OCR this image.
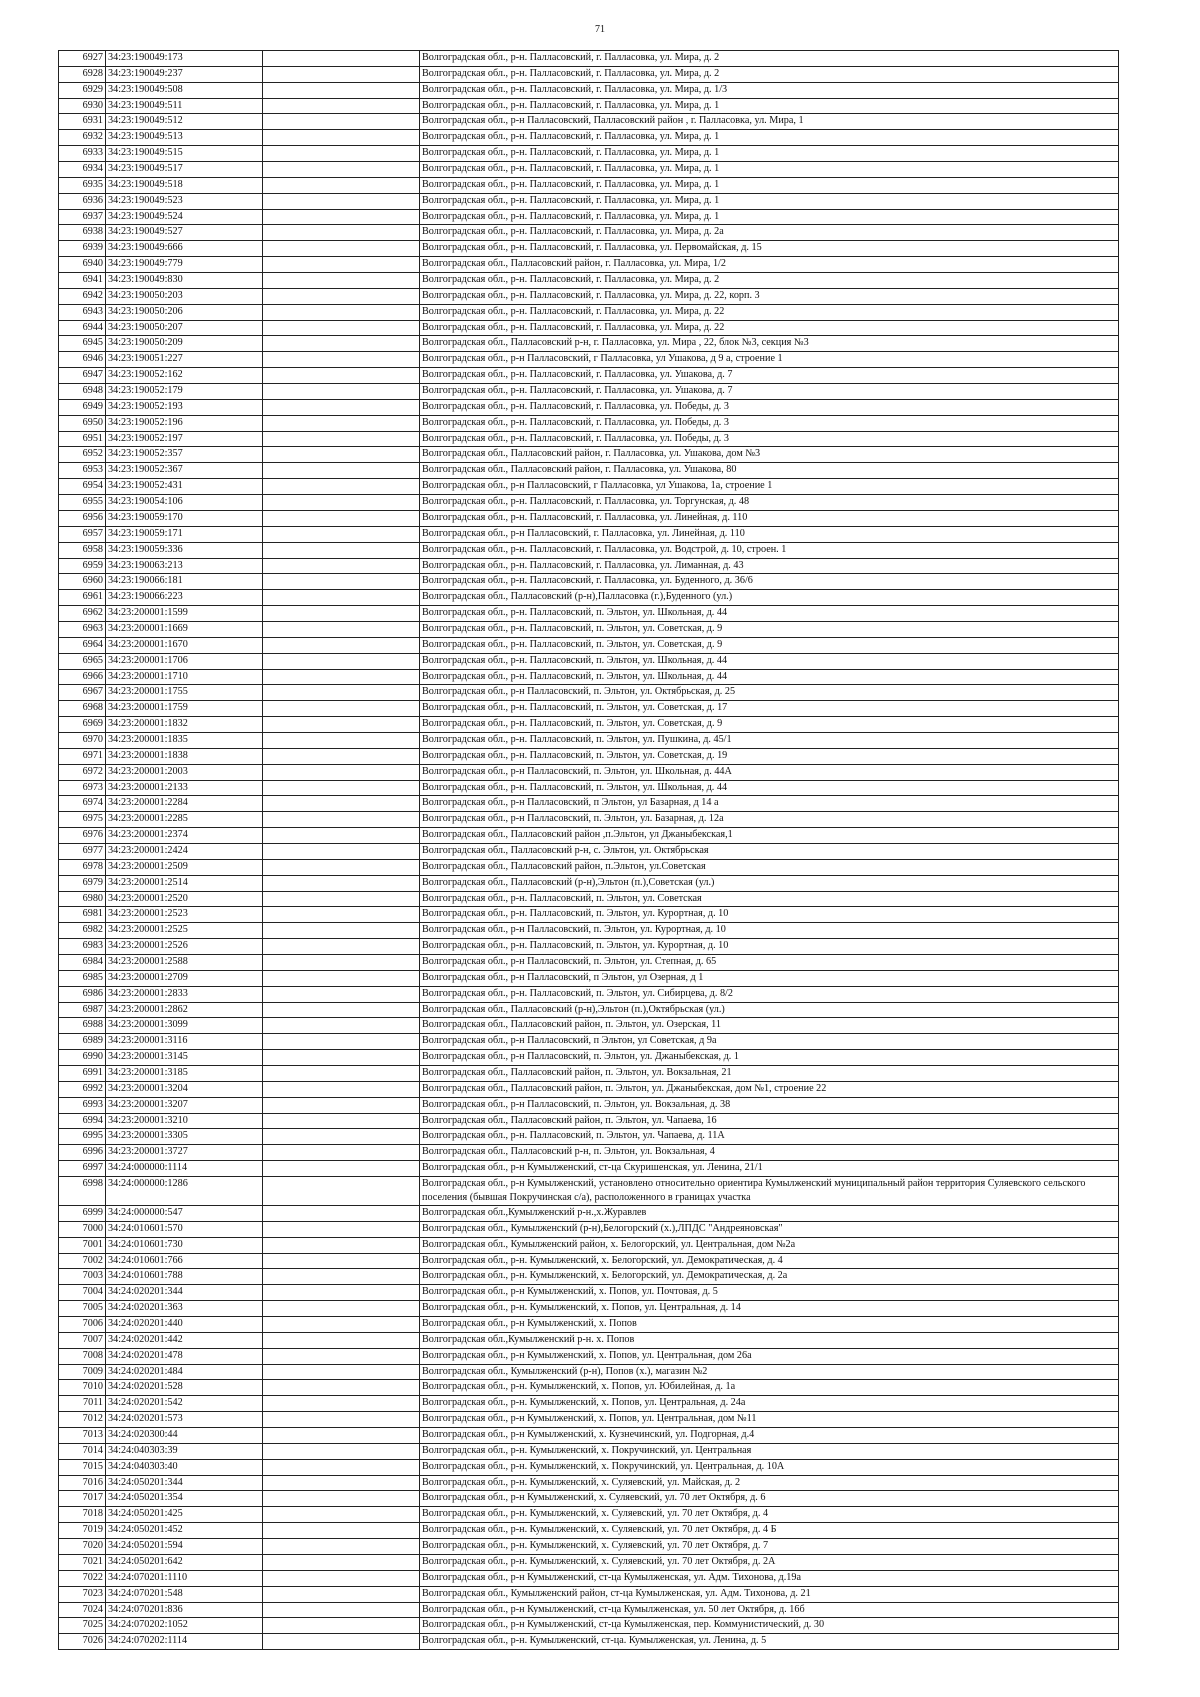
71
6927	34:23:190049:173		Волгоградская обл., р-н. Палласовский, г. Палласовка, ул. Мира, д. 2
6928	34:23:190049:237		Волгоградская обл., р-н. Палласовский, г. Палласовка, ул. Мира, д. 2
6929	34:23:190049:508		Волгоградская обл., р-н. Палласовский, г. Палласовка, ул. Мира, д. 1/3
6930	34:23:190049:511		Волгоградская обл., р-н. Палласовский, г. Палласовка, ул. Мира, д. 1
6931	34:23:190049:512		Волгоградская обл., р-н Палласовский, Палласовский район , г. Палласовка, ул. Мира, 1
6932	34:23:190049:513		Волгоградская обл., р-н. Палласовский, г. Палласовка, ул. Мира, д. 1
6933	34:23:190049:515		Волгоградская обл., р-н. Палласовский, г. Палласовка, ул. Мира, д. 1
6934	34:23:190049:517		Волгоградская обл., р-н. Палласовский, г. Палласовка, ул. Мира, д. 1
6935	34:23:190049:518		Волгоградская обл., р-н. Палласовский, г. Палласовка, ул. Мира, д. 1
6936	34:23:190049:523		Волгоградская обл., р-н. Палласовский, г. Палласовка, ул. Мира, д. 1
6937	34:23:190049:524		Волгоградская обл., р-н. Палласовский, г. Палласовка, ул. Мира, д. 1
6938	34:23:190049:527		Волгоградская обл., р-н. Палласовский, г. Палласовка, ул. Мира, д. 2а
6939	34:23:190049:666		Волгоградская обл., р-н. Палласовский, г. Палласовка, ул. Первомайская, д. 15
6940	34:23:190049:779		Волгоградская обл., Палласовский район, г. Палласовка, ул. Мира, 1/2
6941	34:23:190049:830		Волгоградская обл., р-н. Палласовский, г. Палласовка, ул. Мира, д. 2
6942	34:23:190050:203		Волгоградская обл., р-н. Палласовский, г. Палласовка, ул. Мира, д. 22, корп. 3
6943	34:23:190050:206		Волгоградская обл., р-н. Палласовский, г. Палласовка, ул. Мира, д. 22
6944	34:23:190050:207		Волгоградская обл., р-н. Палласовский, г. Палласовка, ул. Мира, д. 22
6945	34:23:190050:209		Волгоградская обл., Палласовский р-н, г. Палласовка, ул. Мира , 22, блок №3, секция №3
6946	34:23:190051:227		Волгоградская обл., р-н Палласовский, г Палласовка, ул Ушакова, д 9 а, строение 1
6947	34:23:190052:162		Волгоградская обл., р-н. Палласовский, г. Палласовка, ул. Ушакова, д. 7
6948	34:23:190052:179		Волгоградская обл., р-н. Палласовский, г. Палласовка, ул. Ушакова, д. 7
6949	34:23:190052:193		Волгоградская обл., р-н. Палласовский, г. Палласовка, ул. Победы, д. 3
6950	34:23:190052:196		Волгоградская обл., р-н. Палласовский, г. Палласовка, ул. Победы, д. 3
6951	34:23:190052:197		Волгоградская обл., р-н. Палласовский, г. Палласовка, ул. Победы, д. 3
6952	34:23:190052:357		Волгоградская обл., Палласовский район, г. Палласовка, ул. Ушакова, дом №3
6953	34:23:190052:367		Волгоградская обл., Палласовский район, г. Палласовка, ул. Ушакова, 80
6954	34:23:190052:431		Волгоградская обл., р-н Палласовский, г Палласовка, ул Ушакова, 1а, строение 1
6955	34:23:190054:106		Волгоградская обл., р-н. Палласовский, г. Палласовка, ул. Торгунская, д. 48
6956	34:23:190059:170		Волгоградская обл., р-н. Палласовский, г. Палласовка, ул. Линейная, д. 110
6957	34:23:190059:171		Волгоградская обл., р-н Палласовский, г. Палласовка, ул. Линейная, д. 110
6958	34:23:190059:336		Волгоградская обл., р-н. Палласовский, г. Палласовка, ул. Водстрой, д. 10, строен. 1
6959	34:23:190063:213		Волгоградская обл., р-н. Палласовский, г. Палласовка, ул. Лиманная, д. 43
6960	34:23:190066:181		Волгоградская обл., р-н. Палласовский, г. Палласовка, ул. Буденного, д. 36/6
6961	34:23:190066:223		Волгоградская обл., Палласовский (р-н),Палласовка (г.),Буденного (ул.)
6962	34:23:200001:1599		Волгоградская обл., р-н. Палласовский, п. Эльтон, ул. Школьная, д. 44
6963	34:23:200001:1669		Волгоградская обл., р-н. Палласовский, п. Эльтон, ул. Советская, д. 9
6964	34:23:200001:1670		Волгоградская обл., р-н. Палласовский, п. Эльтон, ул. Советская, д. 9
6965	34:23:200001:1706		Волгоградская обл., р-н. Палласовский, п. Эльтон, ул. Школьная, д. 44
6966	34:23:200001:1710		Волгоградская обл., р-н. Палласовский, п. Эльтон, ул. Школьная, д. 44
6967	34:23:200001:1755		Волгоградская обл., р-н Палласовский, п. Эльтон, ул. Октябрьская, д. 25
6968	34:23:200001:1759		Волгоградская обл., р-н. Палласовский, п. Эльтон, ул. Советская, д. 17
6969	34:23:200001:1832		Волгоградская обл., р-н. Палласовский, п. Эльтон, ул. Советская, д. 9
6970	34:23:200001:1835		Волгоградская обл., р-н. Палласовский, п. Эльтон, ул. Пушкина, д. 45/1
6971	34:23:200001:1838		Волгоградская обл., р-н. Палласовский, п. Эльтон, ул. Советская, д. 19
6972	34:23:200001:2003		Волгоградская обл., р-н Палласовский, п. Эльтон, ул. Школьная, д. 44А
6973	34:23:200001:2133		Волгоградская обл., р-н. Палласовский, п. Эльтон, ул. Школьная, д. 44
6974	34:23:200001:2284		Волгоградская обл., р-н Палласовский, п Эльтон, ул Базарная, д 14 а
6975	34:23:200001:2285		Волгоградская обл., р-н Палласовский, п. Эльтон, ул. Базарная, д. 12а
6976	34:23:200001:2374		Волгоградская обл., Палласовский район ,п.Эльтон, ул Джаныбекская,1
6977	34:23:200001:2424		Волгоградская обл., Палласовский р-н, с. Эльтон, ул. Октябрьская
6978	34:23:200001:2509		Волгоградская обл., Палласовский район, п.Эльтон, ул.Советская
6979	34:23:200001:2514		Волгоградская обл., Палласовский (р-н),Эльтон (п.),Советская (ул.)
6980	34:23:200001:2520		Волгоградская обл., р-н. Палласовский, п. Эльтон, ул. Советская
6981	34:23:200001:2523		Волгоградская обл., р-н. Палласовский, п. Эльтон, ул. Курортная, д. 10
6982	34:23:200001:2525		Волгоградская обл., р-н Палласовский, п. Эльтон, ул. Курортная, д. 10
6983	34:23:200001:2526		Волгоградская обл., р-н. Палласовский, п. Эльтон, ул. Курортная, д. 10
6984	34:23:200001:2588		Волгоградская обл., р-н Палласовский, п. Эльтон, ул. Степная, д. 65
6985	34:23:200001:2709		Волгоградская обл., р-н Палласовский, п Эльтон, ул Озерная, д 1
6986	34:23:200001:2833		Волгоградская обл., р-н. Палласовский, п. Эльтон, ул. Сибирцева, д. 8/2
6987	34:23:200001:2862		Волгоградская обл., Палласовский (р-н),Эльтон (п.),Октябрьская (ул.)
6988	34:23:200001:3099		Волгоградская обл., Палласовский район, п. Эльтон, ул. Озерская, 11
6989	34:23:200001:3116		Волгоградская обл., р-н Палласовский, п Эльтон, ул Советская, д 9а
6990	34:23:200001:3145		Волгоградская обл., р-н Палласовский, п. Эльтон, ул. Джаныбекская, д. 1
6991	34:23:200001:3185		Волгоградская обл., Палласовский район, п. Эльтон, ул. Вокзальная, 21
6992	34:23:200001:3204		Волгоградская обл., Палласовский район, п. Эльтон, ул. Джаныбекская, дом №1, строение 22
6993	34:23:200001:3207		Волгоградская обл., р-н Палласовский, п. Эльтон, ул. Вокзальная, д. 38
6994	34:23:200001:3210		Волгоградская обл., Палласовский район, п. Эльтон, ул. Чапаева, 16
6995	34:23:200001:3305		Волгоградская обл., р-н. Палласовский, п. Эльтон, ул. Чапаева, д. 11А
6996	34:23:200001:3727		Волгоградская обл., Палласовский р-н, п. Эльтон, ул. Вокзальная, 4
6997	34:24:000000:1114		Волгоградская обл., р-н Кумылженский, ст-ца Скуришенская, ул. Ленина, 21/1
6998	34:24:000000:1286		Волгоградская обл., р-н Кумылженский, установлено относительно ориентира Кумылженский муниципальный район территория Суляевского сельского поселения (бывшая Покручинская с/а), расположенного в границах участка
6999	34:24:000000:547		Волгоградская обл.,Кумылженский р-н.,х.Журавлев
7000	34:24:010601:570		Волгоградская обл., Кумылженский (р-н),Белогорский (х.),ЛПДС "Андреяновская"
7001	34:24:010601:730		Волгоградская обл., Кумылженский район, х. Белогорский, ул. Центральная, дом №2а
7002	34:24:010601:766		Волгоградская обл., р-н. Кумылженский, х. Белогорский, ул. Демократическая, д. 4
7003	34:24:010601:788		Волгоградская обл., р-н. Кумылженский, х. Белогорский, ул. Демократическая, д. 2а
7004	34:24:020201:344		Волгоградская обл., р-н Кумылженский, х. Попов, ул. Почтовая, д. 5
7005	34:24:020201:363		Волгоградская обл., р-н. Кумылженский, х. Попов, ул. Центральная, д. 14
7006	34:24:020201:440		Волгоградская обл., р-н Кумылженский, х. Попов
7007	34:24:020201:442		Волгоградская обл.,Кумылженский р-н. х. Попов
7008	34:24:020201:478		Волгоградская обл., р-н Кумылженский, х. Попов, ул. Центральная, дом 26а
7009	34:24:020201:484		Волгоградская обл., Кумылженский (р-н), Попов (х.), магазин №2
7010	34:24:020201:528		Волгоградская обл., р-н. Кумылженский, х. Попов, ул. Юбилейная, д. 1а
7011	34:24:020201:542		Волгоградская обл., р-н. Кумылженский, х. Попов, ул. Центральная, д. 24а
7012	34:24:020201:573		Волгоградская обл., р-н Кумылженский, х. Попов, ул. Центральная, дом №11
7013	34:24:020300:44		Волгоградская обл., р-н Кумылженский, х. Кузнечинский, ул. Подгорная, д.4
7014	34:24:040303:39		Волгоградская обл., р-н. Кумылженский, х. Покручинский, ул. Центральная
7015	34:24:040303:40		Волгоградская обл., р-н. Кумылженский, х. Покручинский, ул. Центральная, д. 10А
7016	34:24:050201:344		Волгоградская обл., р-н. Кумылженский, х. Суляевский, ул. Майская, д. 2
7017	34:24:050201:354		Волгоградская обл., р-н Кумылженский, х. Суляевский, ул. 70 лет Октября, д. 6
7018	34:24:050201:425		Волгоградская обл., р-н. Кумылженский, х. Суляевский, ул. 70 лет Октября, д. 4
7019	34:24:050201:452		Волгоградская обл., р-н. Кумылженский, х. Суляевский, ул. 70 лет Октября, д. 4 Б
7020	34:24:050201:594		Волгоградская обл., р-н. Кумылженский, х. Суляевский, ул. 70 лет Октября, д. 7
7021	34:24:050201:642		Волгоградская обл., р-н. Кумылженский, х. Суляевский, ул. 70 лет Октября, д. 2А
7022	34:24:070201:1110		Волгоградская обл., р-н Кумылженский, ст-ца Кумылженская, ул. Адм. Тихонова, д.19а
7023	34:24:070201:548		Волгоградская обл., Кумылженский район, ст-ца Кумылженская, ул. Адм. Тихонова, д. 21
7024	34:24:070201:836		Волгоградская обл., р-н Кумылженский, ст-ца Кумылженская, ул. 50 лет Октября, д. 16б
7025	34:24:070202:1052		Волгоградская обл., р-н Кумылженский, ст-ца Кумылженская, пер. Коммунистический, д. 30
7026	34:24:070202:1114		Волгоградская обл., р-н. Кумылженский, ст-ца. Кумылженская, ул. Ленина, д. 5
